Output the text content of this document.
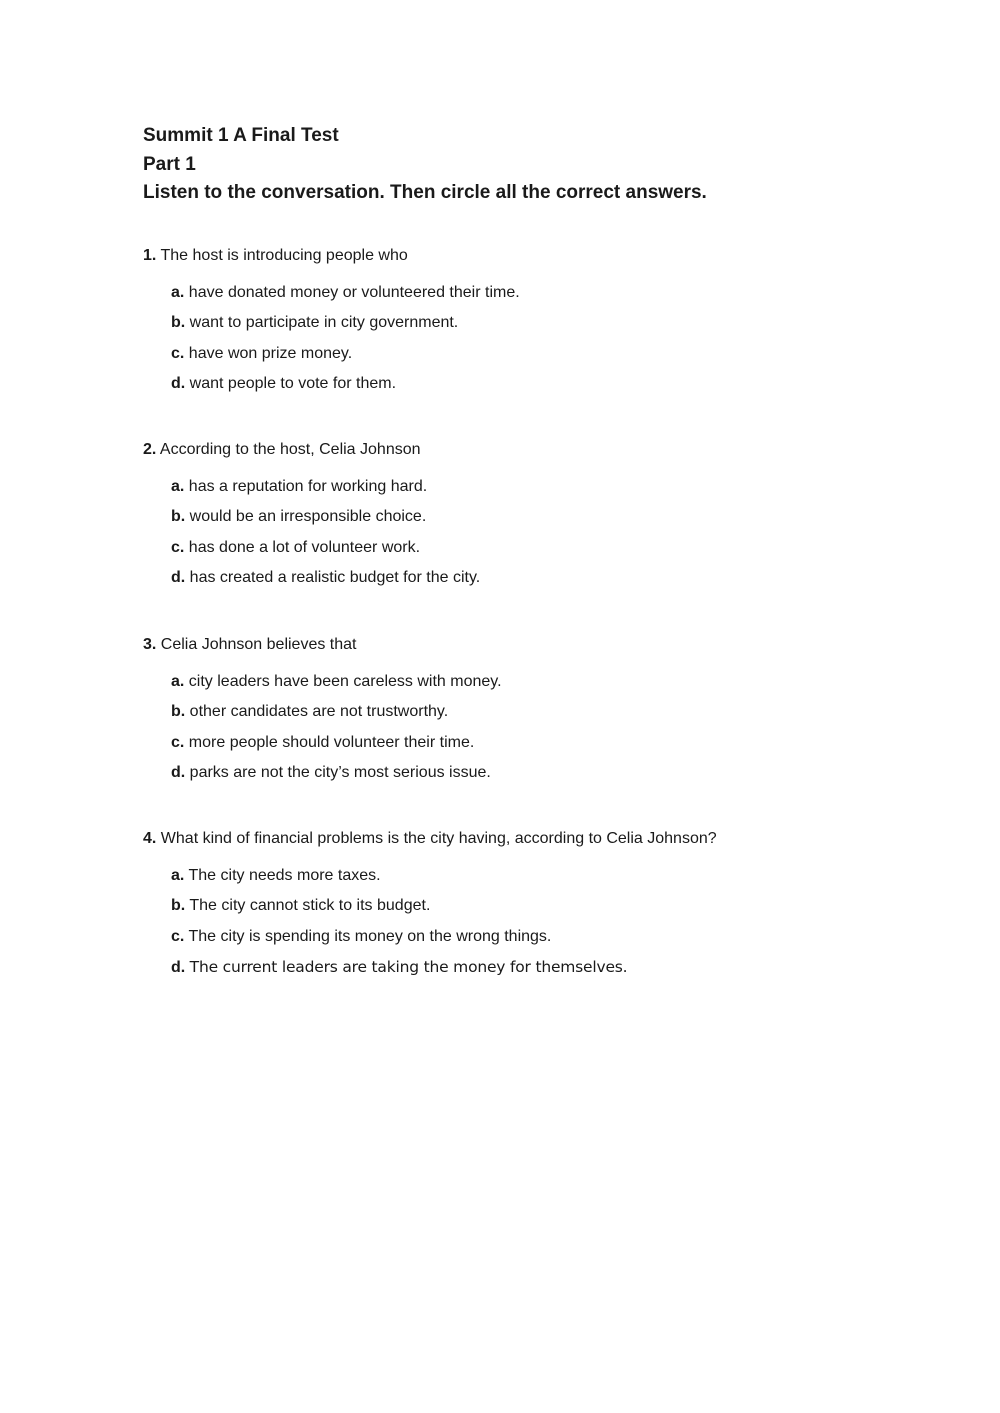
Summit 1 A Final Test
Part 1
Listen to the conversation. Then circle all the correct answers.
1. The host is introducing people who
a. have donated money or volunteered their time.
b. want to participate in city government.
c. have won prize money.
d. want people to vote for them.
2. According to the host, Celia Johnson
a. has a reputation for working hard.
b. would be an irresponsible choice.
c. has done a lot of volunteer work.
d. has created a realistic budget for the city.
3. Celia Johnson believes that
a. city leaders have been careless with money.
b. other candidates are not trustworthy.
c. more people should volunteer their time.
d. parks are not the city’s most serious issue.
4. What kind of financial problems is the city having, according to Celia Johnson?
a. The city needs more taxes.
b. The city cannot stick to its budget.
c. The city is spending its money on the wrong things.
d. The current leaders are taking the money for themselves.
